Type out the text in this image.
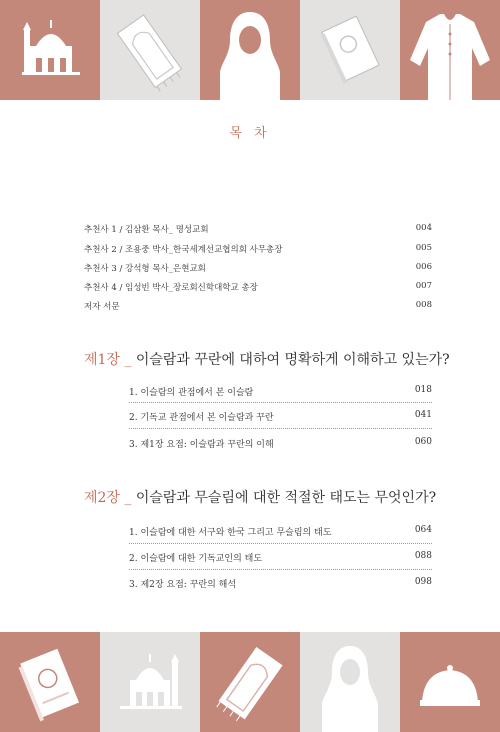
목 차
추천사 1 / 김삼환 목사_ 명성교회	004
추천사 2 / 조용중 박사_한국세계선교협의회 사무총장	005
추천사 3 / 강석형 목사_은현교회	006
추천사 4 / 임성빈 박사_장로회신학대학교 총장	007
저자 서문	008
제1장 _ 이슬람과 꾸란에 대하여 명확하게 이해하고 있는가?
1. 이슬람의 관점에서 본 이슬람	018
2. 기독교 관점에서 본 이슬람과 꾸란	041
3. 제1장 요점: 이슬람과 꾸란의 이해	060
제2장 _ 이슬람과 무슬림에 대한 적절한 태도는 무엇인가?
1. 이슬람에 대한 서구와 한국 그리고 무슬림의 태도	064
2. 이슬람에 대한 기독교인의 태도	088
3. 제2장 요점: 꾸란의 해석	098
